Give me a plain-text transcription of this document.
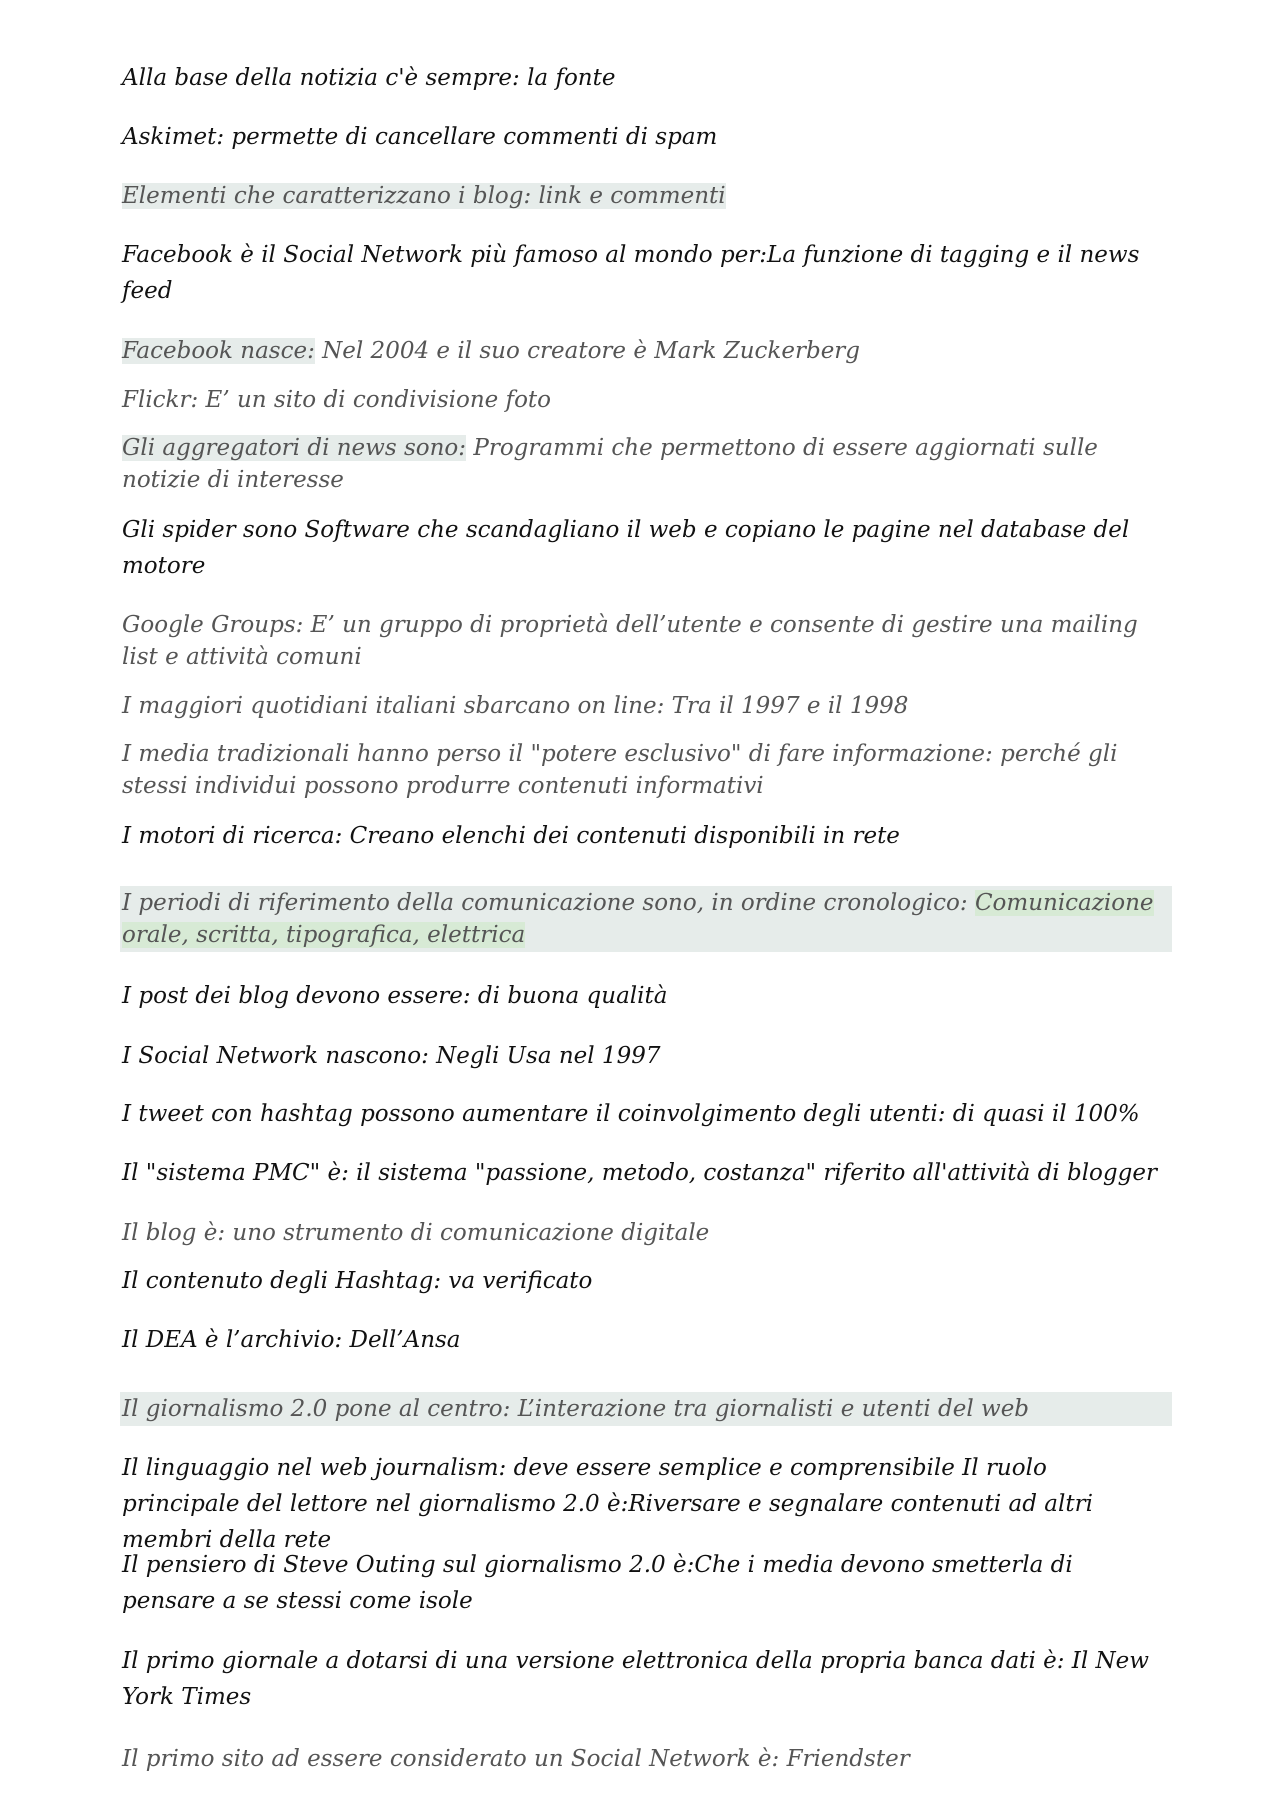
Alla base della notizia c'è sempre: la fonte

Askimet: permette di cancellare commenti di spam

Elementi che caratterizzano i blog: link e commenti

Facebook è il Social Network più famoso al mondo per:La funzione di tagging e il news feed

Facebook nasce: Nel 2004 e il suo creatore è Mark Zuckerberg

Flickr: E’ un sito di condivisione foto

Gli aggregatori di news sono: Programmi che permettono di essere aggiornati sulle notizie di interesse

Gli spider sono Software che scandagliano il web e copiano le pagine nel database del motore

Google Groups: E’ un gruppo di proprietà dell’utente e consente di gestire una mailing list e attività comuni

I maggiori quotidiani italiani sbarcano on line: Tra il 1997 e il 1998

I media tradizionali hanno perso il "potere esclusivo" di fare informazione: perché gli stessi individui possono produrre contenuti informativi

I motori di ricerca: Creano elenchi dei contenuti disponibili in rete

I periodi di riferimento della comunicazione sono, in ordine cronologico: Comunicazione orale, scritta, tipografica, elettrica

I post dei blog devono essere: di buona qualità

I Social Network nascono: Negli Usa nel 1997

I tweet con hashtag possono aumentare il coinvolgimento degli utenti: di quasi il 100%

Il "sistema PMC" è: il sistema "passione, metodo, costanza" riferito all'attività di blogger

Il blog è: uno strumento di comunicazione digitale

Il contenuto degli Hashtag: va verificato

Il DEA è l’archivio: Dell’Ansa

Il giornalismo 2.0 pone al centro: L’interazione tra giornalisti e utenti del web

Il linguaggio nel web journalism: deve essere semplice e comprensibile Il ruolo principale del lettore nel giornalismo 2.0 è:Riversare e segnalare contenuti ad altri membri della rete

Il pensiero di Steve Outing sul giornalismo 2.0 è:Che i media devono smetterla di pensare a se stessi come isole

Il primo giornale a dotarsi di una versione elettronica della propria banca dati è: Il New York Times

Il primo sito ad essere considerato un Social Network è: Friendster
